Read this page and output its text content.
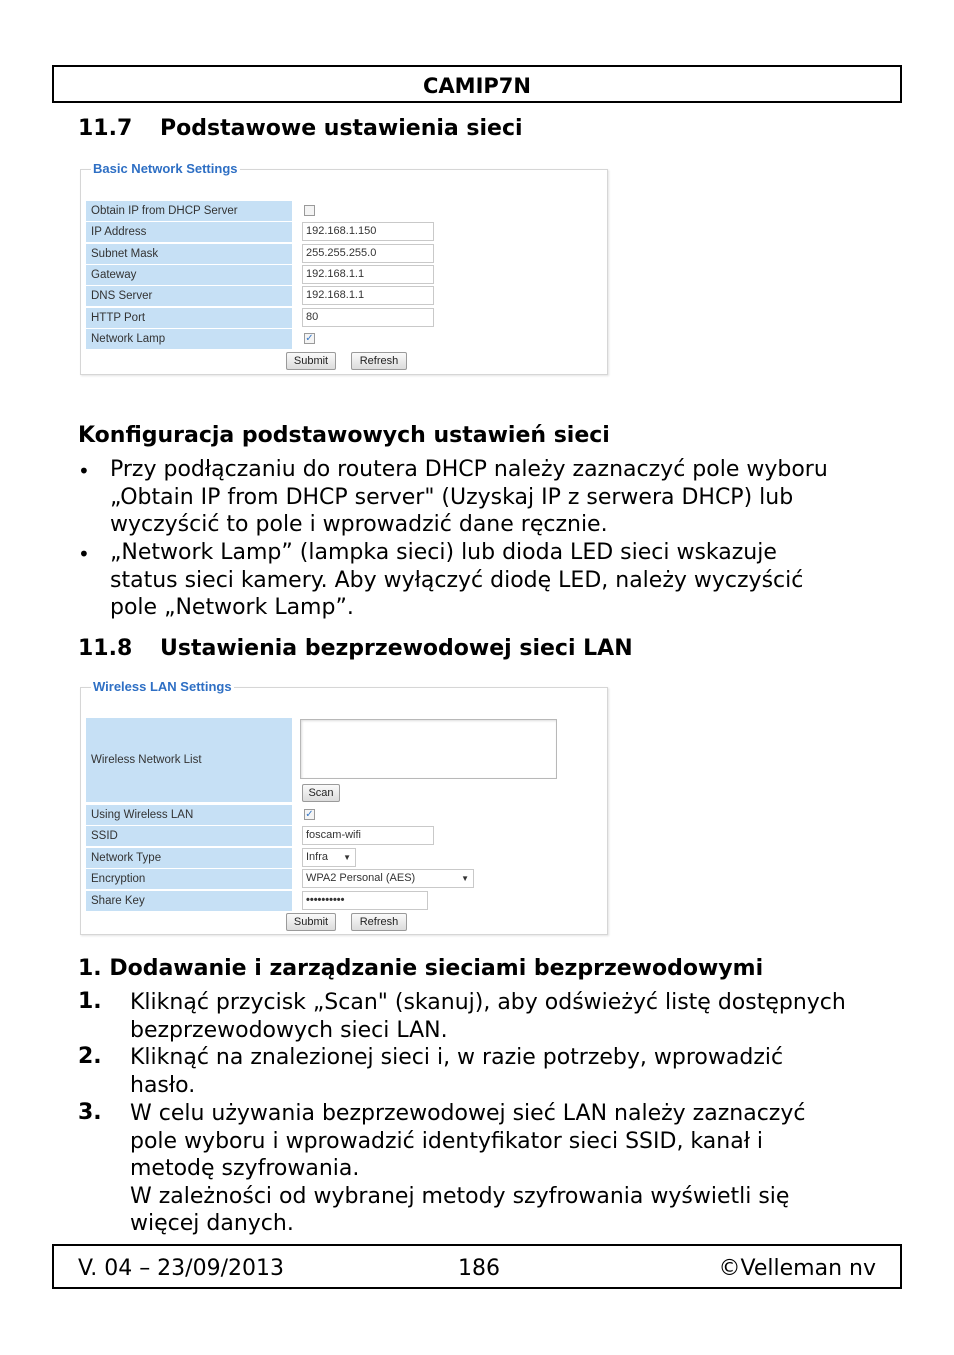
CAMIP7N
11.7 Podstawowe ustawienia sieci
Basic Network Settings
Obtain IP from DHCP Server
IP Address	192.168.1.150
Subnet Mask	255.255.255.0
Gateway	192.168.1.1
DNS Server	192.168.1.1
HTTP Port	80
Network Lamp	✓
Submit	Refresh
Konfiguracja podstawowych ustawień sieci
• Przy podłączaniu do routera DHCP należy zaznaczyć pole wyboru
„Obtain IP from DHCP server" (Uzyskaj IP z serwera DHCP) lub
wyczyścić to pole i wprowadzić dane ręcznie.
• „Network Lamp” (lampka sieci) lub dioda LED sieci wskazuje
status sieci kamery. Aby wyłączyć diodę LED, należy wyczyścić
pole „Network Lamp”.
11.8 Ustawienia bezprzewodowej sieci LAN
Wireless LAN Settings
Wireless Network List
Scan
Using Wireless LAN	✓
SSID	foscam-wifi
Network Type	Infra ▼
Encryption	WPA2 Personal (AES)	▼
Share Key	••••••••••
Submit	Refresh
1. Dodawanie i zarządzanie sieciami bezprzewodowymi
1. Kliknąć przycisk „Scan" (skanuj), aby odświeżyć listę dostępnych
bezprzewodowych sieci LAN.
2. Kliknąć na znalezionej sieci i, w razie potrzeby, wprowadzić
hasło.
3. W celu używania bezprzewodowej sieć LAN należy zaznaczyć
pole wyboru i wprowadzić identyfikator sieci SSID, kanał i
metodę szyfrowania.
W zależności od wybranej metody szyfrowania wyświetli się
więcej danych.
V. 04 – 23/09/2013	186	©Velleman nv
